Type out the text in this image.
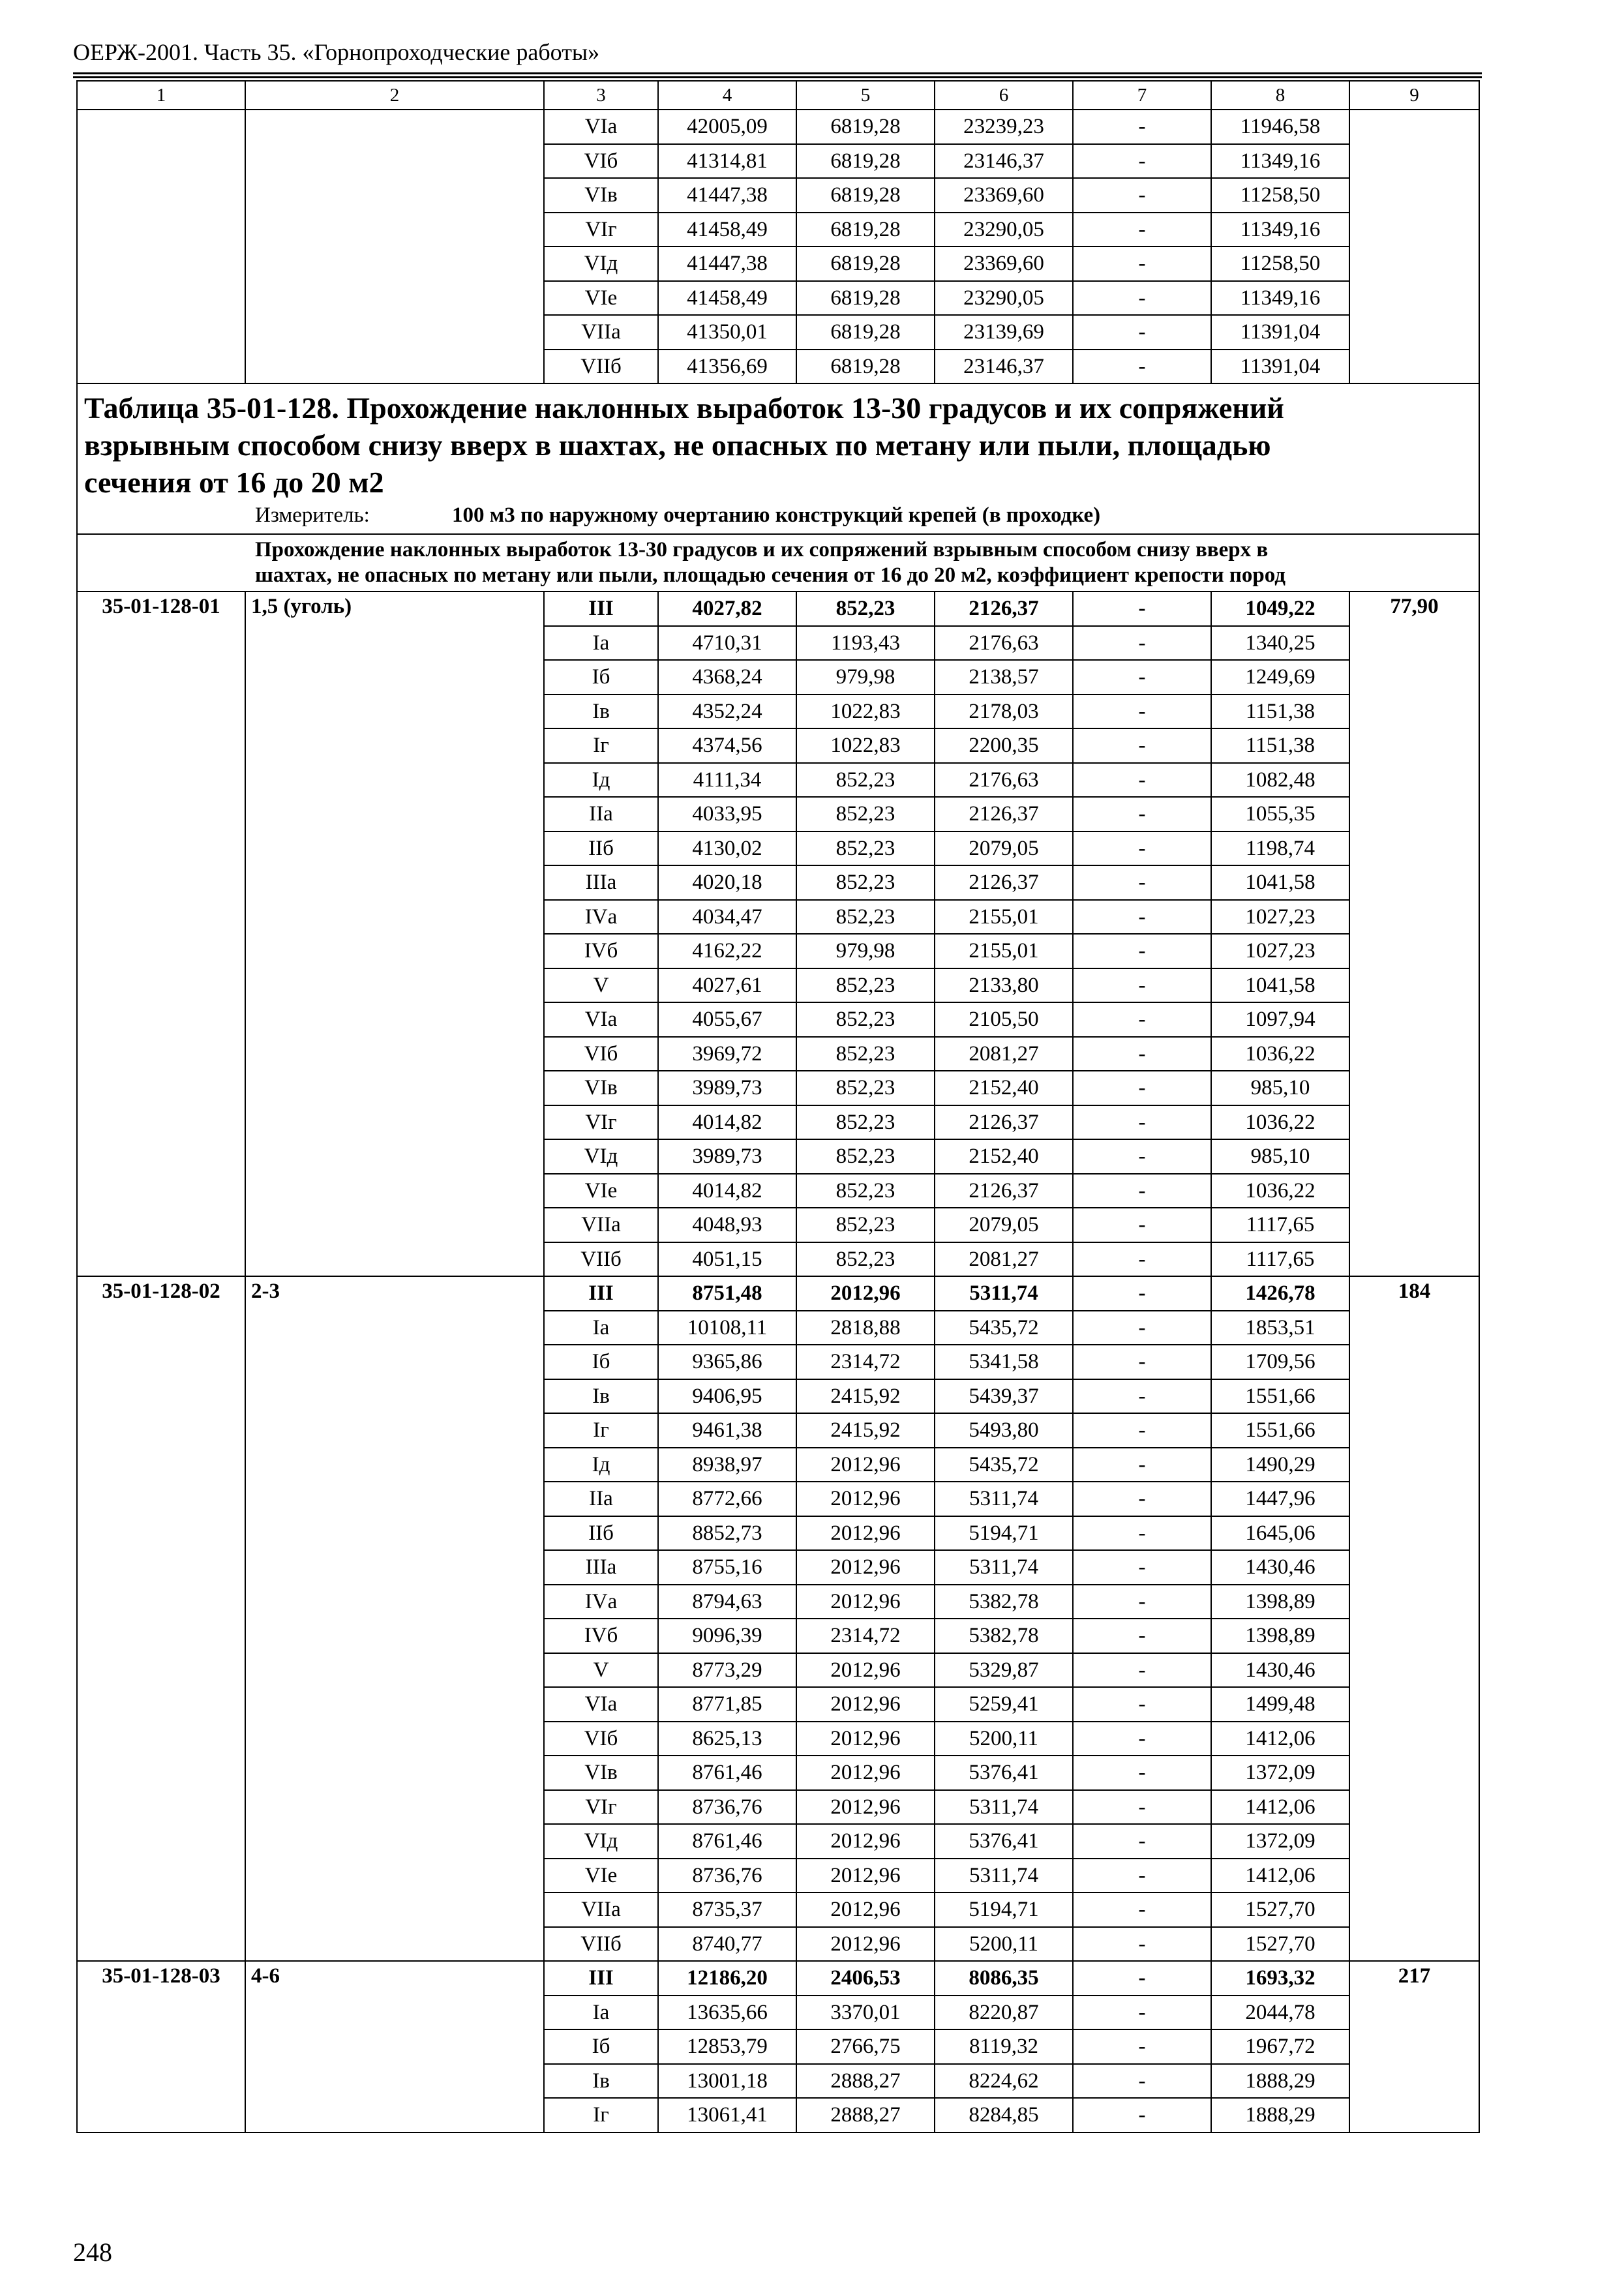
ОЕРЖ-2001. Часть 35. «Горнопроходческие работы»
1	2	3	4	5	6	7	8	9
		VIа	42005,09	6819,28	23239,23	-	11946,58	
		VIб	41314,81	6819,28	23146,37	-	11349,16	
		VIв	41447,38	6819,28	23369,60	-	11258,50	
		VIг	41458,49	6819,28	23290,05	-	11349,16	
		VIд	41447,38	6819,28	23369,60	-	11258,50	
		VIе	41458,49	6819,28	23290,05	-	11349,16	
		VIIа	41350,01	6819,28	23139,69	-	11391,04	
		VIIб	41356,69	6819,28	23146,37	-	11391,04	

Таблица 35-01-128. Прохождение наклонных выработок 13-30 градусов и их сопряжений
взрывным способом снизу вверх в шахтах, не опасных по метану или пыли, площадью
сечения от 16 до 20 м2
Измеритель: 100 м3 по наружному очертанию конструкций крепей (в проходке)								

Прохождение наклонных выработок 13-30 градусов и их сопряжений взрывным способом снизу вверх в
шахтах, не опасных по метану или пыли, площадью сечения от 16 до 20 м2, коэффициент крепости пород								

35-01-128-01	1,5 (уголь)	III	4027,82	852,23	2126,37	-	1049,22	77,90
		Iа	4710,31	1193,43	2176,63	-	1340,25	
		Iб	4368,24	979,98	2138,57	-	1249,69	
		Iв	4352,24	1022,83	2178,03	-	1151,38	
		Iг	4374,56	1022,83	2200,35	-	1151,38	
		Iд	4111,34	852,23	2176,63	-	1082,48	
		IIа	4033,95	852,23	2126,37	-	1055,35	
		IIб	4130,02	852,23	2079,05	-	1198,74	
		IIIа	4020,18	852,23	2126,37	-	1041,58	
		IVа	4034,47	852,23	2155,01	-	1027,23	
		IVб	4162,22	979,98	2155,01	-	1027,23	
		V	4027,61	852,23	2133,80	-	1041,58	
		VIа	4055,67	852,23	2105,50	-	1097,94	
		VIб	3969,72	852,23	2081,27	-	1036,22	
		VIв	3989,73	852,23	2152,40	-	985,10	
		VIг	4014,82	852,23	2126,37	-	1036,22	
		VIд	3989,73	852,23	2152,40	-	985,10	
		VIе	4014,82	852,23	2126,37	-	1036,22	
		VIIа	4048,93	852,23	2079,05	-	1117,65	
		VIIб	4051,15	852,23	2081,27	-	1117,65	
35-01-128-02	2-3	III	8751,48	2012,96	5311,74	-	1426,78	184
		Iа	10108,11	2818,88	5435,72	-	1853,51	
		Iб	9365,86	2314,72	5341,58	-	1709,56	
		Iв	9406,95	2415,92	5439,37	-	1551,66	
		Iг	9461,38	2415,92	5493,80	-	1551,66	
		Iд	8938,97	2012,96	5435,72	-	1490,29	
		IIа	8772,66	2012,96	5311,74	-	1447,96	
		IIб	8852,73	2012,96	5194,71	-	1645,06	
		IIIа	8755,16	2012,96	5311,74	-	1430,46	
		IVа	8794,63	2012,96	5382,78	-	1398,89	
		IVб	9096,39	2314,72	5382,78	-	1398,89	
		V	8773,29	2012,96	5329,87	-	1430,46	
		VIа	8771,85	2012,96	5259,41	-	1499,48	
		VIб	8625,13	2012,96	5200,11	-	1412,06	
		VIв	8761,46	2012,96	5376,41	-	1372,09	
		VIг	8736,76	2012,96	5311,74	-	1412,06	
		VIд	8761,46	2012,96	5376,41	-	1372,09	
		VIе	8736,76	2012,96	5311,74	-	1412,06	
		VIIа	8735,37	2012,96	5194,71	-	1527,70	
		VIIб	8740,77	2012,96	5200,11	-	1527,70	
35-01-128-03	4-6	III	12186,20	2406,53	8086,35	-	1693,32	217
		Iа	13635,66	3370,01	8220,87	-	2044,78	
		Iб	12853,79	2766,75	8119,32	-	1967,72	
		Iв	13001,18	2888,27	8224,62	-	1888,29	
		Iг	13061,41	2888,27	8284,85	-	1888,29	
248
